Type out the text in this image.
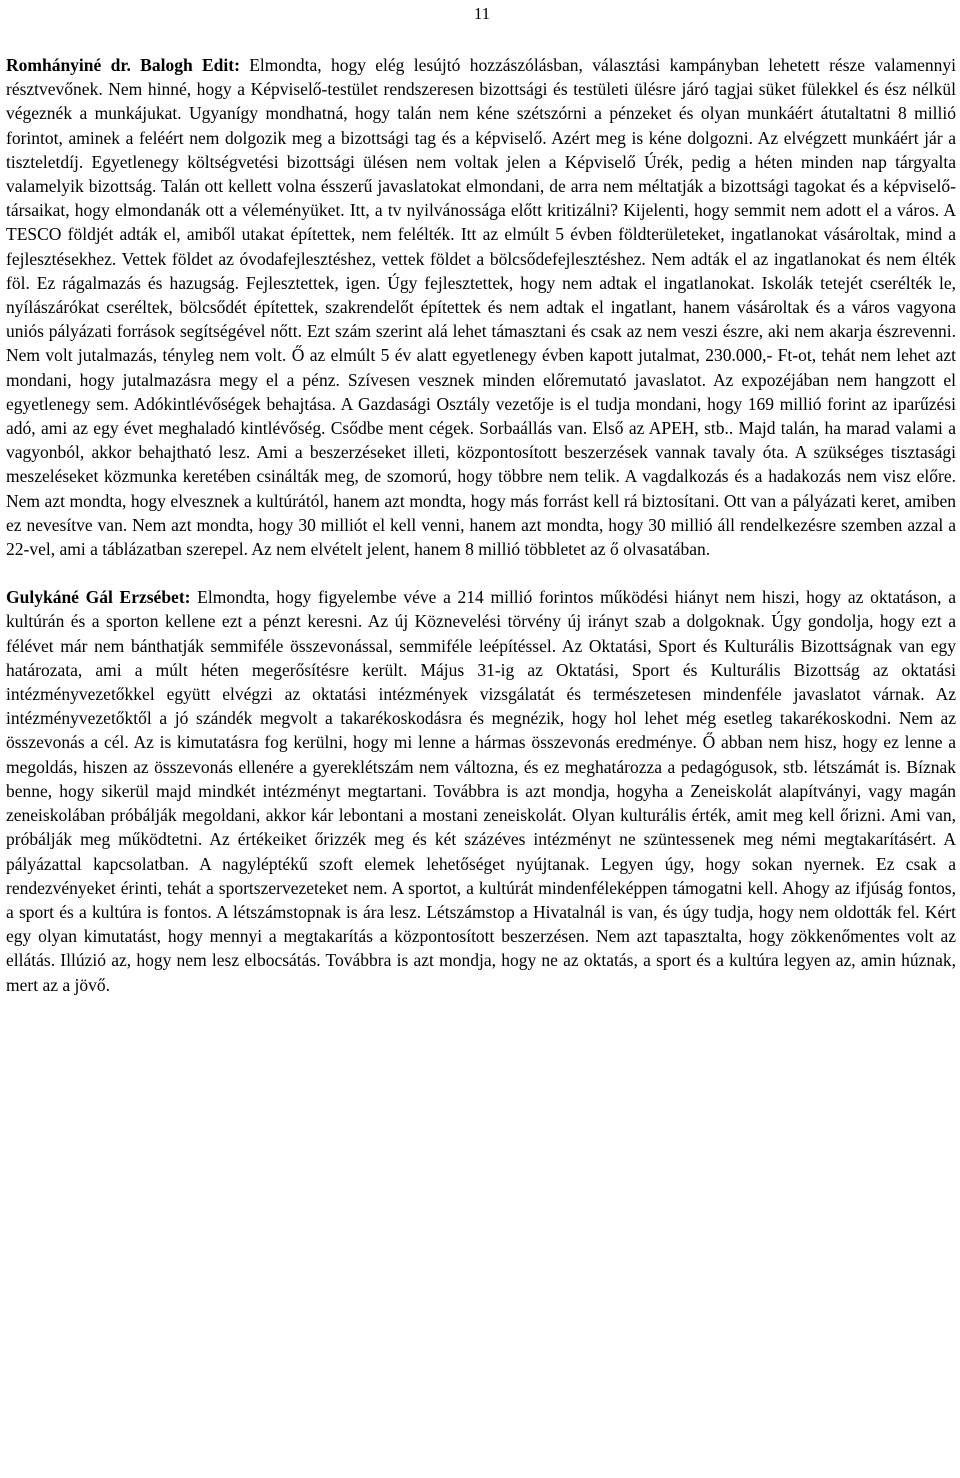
11

Romhányiné dr. Balogh Edit: Elmondta, hogy elég lesújtó hozzászólásban, választási kampányban lehetett része valamennyi résztvevőnek. Nem hinné, hogy a Képviselő-testület rendszeresen bizottsági és testületi ülésre járó tagjai süket fülekkel és ész nélkül végeznék a munkájukat. Ugyanígy mondhatná, hogy talán nem kéne szétszórni a pénzeket és olyan munkáért átutaltatni 8 millió forintot, aminek a feléért nem dolgozik meg a bizottsági tag és a képviselő. Azért meg is kéne dolgozni. Az elvégzett munkáért jár a tiszteletdíj. Egyetlenegy költségvetési bizottsági ülésen nem voltak jelen a Képviselő Úrék, pedig a héten minden nap tárgyalta valamelyik bizottság. Talán ott kellett volna ésszerű javaslatokat elmondani, de arra nem méltatják a bizottsági tagokat és a képviselő-társaikat, hogy elmondanák ott a véleményüket. Itt, a tv nyilvánossága előtt kritizálni? Kijelenti, hogy semmit nem adott el a város. A TESCO földjét adták el, amiből utakat építettek, nem felélték. Itt az elmúlt 5 évben földterületeket, ingatlanokat vásároltak, mind a fejlesztésekhez. Vettek földet az óvodafejlesztéshez, vettek földet a bölcsődefejlesztéshez. Nem adták el az ingatlanokat és nem élték föl. Ez rágalmazás és hazugság. Fejlesztettek, igen. Úgy fejlesztettek, hogy nem adtak el ingatlanokat. Iskolák tetejét cserélték le, nyílászárókat cseréltek, bölcsődét építettek, szakrendelőt építettek és nem adtak el ingatlant, hanem vásároltak és a város vagyona uniós pályázati források segítségével nőtt. Ezt szám szerint alá lehet támasztani és csak az nem veszi észre, aki nem akarja észrevenni. Nem volt jutalmazás, tényleg nem volt. Ő az elmúlt 5 év alatt egyetlenegy évben kapott jutalmat, 230.000,- Ft-ot, tehát nem lehet azt mondani, hogy jutalmazásra megy el a pénz. Szívesen vesznek minden előremutató javaslatot. Az expozéjában nem hangzott el egyetlenegy sem. Adókintlévőségek behajtása. A Gazdasági Osztály vezetője is el tudja mondani, hogy 169 millió forint az iparűzési adó, ami az egy évet meghaladó kintlévőség. Csődbe ment cégek. Sorbaállás van. Első az APEH, stb.. Majd talán, ha marad valami a vagyonból, akkor behajtható lesz. Ami a beszerzéseket illeti, központosított beszerzések vannak tavaly óta. A szükséges tisztasági meszeléseket közmunka keretében csinálták meg, de szomorú, hogy többre nem telik. A vagdalkozás és a hadakozás nem visz előre. Nem azt mondta, hogy elvesznek a kultúrától, hanem azt mondta, hogy más forrást kell rá biztosítani. Ott van a pályázati keret, amiben ez nevesítve van. Nem azt mondta, hogy 30 milliót el kell venni, hanem azt mondta, hogy 30 millió áll rendelkezésre szemben azzal a 22-vel, ami a táblázatban szerepel. Az nem elvételt jelent, hanem 8 millió többletet az ő olvasatában.

Gulykáné Gál Erzsébet: Elmondta, hogy figyelembe véve a 214 millió forintos működési hiányt nem hiszi, hogy az oktatáson, a kultúrán és a sporton kellene ezt a pénzt keresni. Az új Köznevelési törvény új irányt szab a dolgoknak. Úgy gondolja, hogy ezt a félévet már nem bánthatják semmiféle összevonással, semmiféle leépítéssel. Az Oktatási, Sport és Kulturális Bizottságnak van egy határozata, ami a múlt héten megerősítésre került. Május 31-ig az Oktatási, Sport és Kulturális Bizottság az oktatási intézményvezetőkkel együtt elvégzi az oktatási intézmények vizsgálatát és természetesen mindenféle javaslatot várnak. Az intézményvezetőktől a jó szándék megvolt a takarékoskodásra és megnézik, hogy hol lehet még esetleg takarékoskodni. Nem az összevonás a cél. Az is kimutatásra fog kerülni, hogy mi lenne a hármas összevonás eredménye. Ő abban nem hisz, hogy ez lenne a megoldás, hiszen az összevonás ellenére a gyereklétszám nem változna, és ez meghatározza a pedagógusok, stb. létszámát is. Bíznak benne, hogy sikerül majd mindkét intézményt megtartani. Továbbra is azt mondja, hogyha a Zeneiskolát alapítványi, vagy magán zeneiskolában próbálják megoldani, akkor kár lebontani a mostani zeneiskolát. Olyan kulturális érték, amit meg kell őrizni. Ami van, próbálják meg működtetni. Az értékeiket őrizzék meg és két százéves intézményt ne szüntessenek meg némi megtakarításért. A pályázattal kapcsolatban. A nagyléptékű szoft elemek lehetőséget nyújtanak. Legyen úgy, hogy sokan nyernek. Ez csak a rendezvényeket érinti, tehát a sportszervezeteket nem. A sportot, a kultúrát mindenféleképpen támogatni kell. Ahogy az ifjúság fontos, a sport és a kultúra is fontos. A létszámstopnak is ára lesz. Létszámstop a Hivatalnál is van, és úgy tudja, hogy nem oldották fel. Kért egy olyan kimutatást, hogy mennyi a megtakarítás a központosított beszerzésen. Nem azt tapasztalta, hogy zökkenőmentes volt az ellátás. Illúzió az, hogy nem lesz elbocsátás. Továbbra is azt mondja, hogy ne az oktatás, a sport és a kultúra legyen az, amin húznak, mert az a jövő.
